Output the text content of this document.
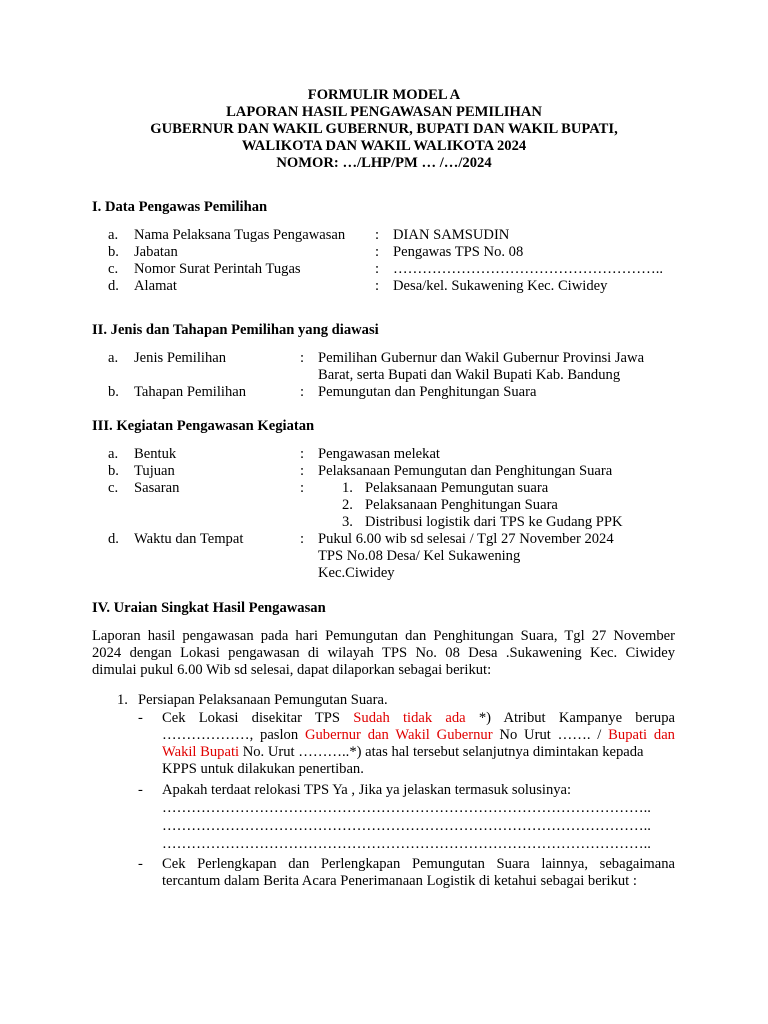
FORMULIR MODEL A
LAPORAN HASIL PENGAWASAN PEMILIHAN
GUBERNUR DAN WAKIL GUBERNUR, BUPATI DAN WAKIL BUPATI,
WALIKOTA DAN WAKIL WALIKOTA 2024
NOMOR: …/LHP/PM … /…/2024
I. Data Pengawas Pemilihan
a. Nama Pelaksana Tugas Pengawasan : DIAN SAMSUDIN
b. Jabatan	: Pengawas TPS No. 08
c. Nomor Surat Perintah Tugas	: ………………………………………………..
d. Alamat	: Desa/kel. Sukawening Kec. Ciwidey
II. Jenis dan Tahapan Pemilihan yang diawasi
a. Jenis Pemilihan	: Pemilihan Gubernur dan Wakil Gubernur Provinsi Jawa
Barat, serta Bupati dan Wakil Bupati Kab. Bandung
b. Tahapan Pemilihan	: Pemungutan dan Penghitungan Suara
III. Kegiatan Pengawasan Kegiatan
a. Bentuk	: Pengawasan melekat
b. Tujuan	: Pelaksanaan Pemungutan dan Penghitungan Suara
c. Sasaran	:	1. Pelaksanaan Pemungutan suara
2. Pelaksanaan Penghitungan Suara
3. Distribusi logistik dari TPS ke Gudang PPK
d. Waktu dan Tempat	: Pukul 6.00 wib sd selesai / Tgl 27 November 2024
TPS No.08 Desa/ Kel Sukawening
Kec.Ciwidey
IV. Uraian Singkat Hasil Pengawasan
Laporan hasil pengawasan pada hari Pemungutan dan Penghitungan Suara, Tgl 27 November
2024 dengan Lokasi pengawasan di wilayah TPS No. 08 Desa .Sukawening Kec. Ciwidey
dimulai pukul 6.00 Wib sd selesai, dapat dilaporkan sebagai berikut:
1. Persiapan Pelaksanaan Pemungutan Suara.
- Cek Lokasi disekitar TPS Sudah tidak ada *) Atribut Kampanye berupa
………………, paslon Gubernur dan Wakil Gubernur No Urut ……. / Bupati dan
Wakil Bupati No. Urut ………..*) atas hal tersebut selanjutnya dimintakan kepada
KPPS untuk dilakukan penertiban.
- Apakah terdaat relokasi TPS Ya , Jika ya jelaskan termasuk solusinya:
………………………………………………………………………………………..
………………………………………………………………………………………..
………………………………………………………………………………………..
- Cek Perlengkapan dan Perlengkapan Pemungutan Suara lainnya, sebagaimana
tercantum dalam Berita Acara Penerimanaan Logistik di ketahui sebagai berikut :
